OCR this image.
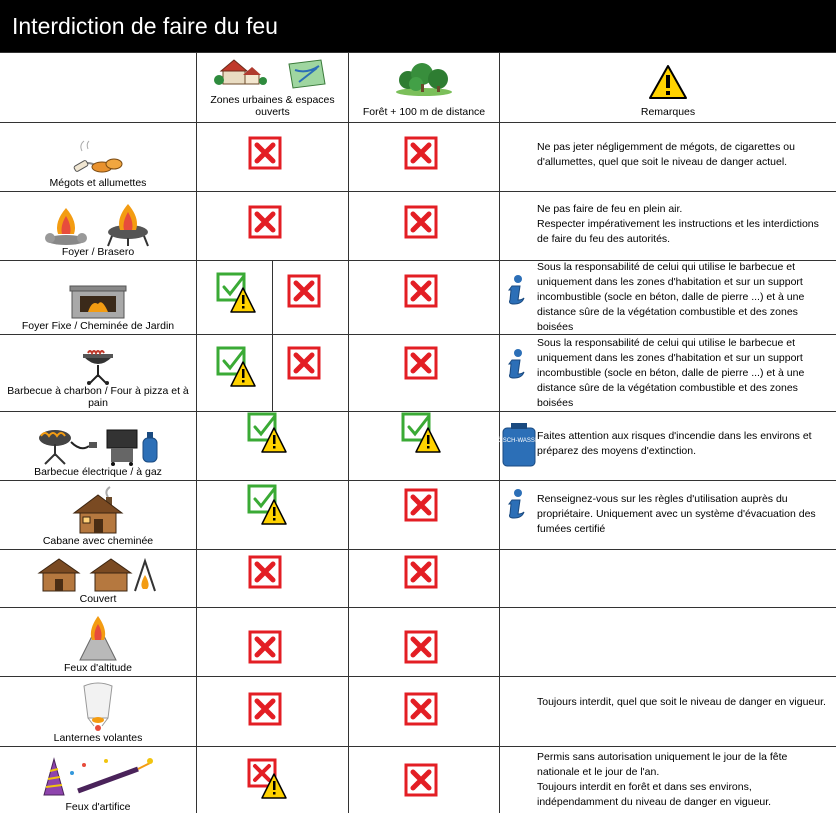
Interdiction de faire du feu
Zones urbaines & espaces ouverts	Forêt + 100 m de distance	Remarques
Mégots et allumettes
Foyer / Brasero
Foyer Fixe / Cheminée de Jardin
Barbecue à charbon / Four à pizza et à pain
Barbecue électrique / à gaz
Cabane avec cheminée
Couvert
Feux d'altitude
Lanternes volantes
Feux d'artifice
LÖSCH-WASSER
Ne pas jeter négligemment de mégots, de cigarettes ou d'allumettes, quel que soit le niveau de danger actuel.
Ne pas faire de feu en plein air.
Respecter impérativement les instructions et les interdictions de faire du feu des autorités.
Sous la responsabilité de celui qui utilise le barbecue et uniquement dans les zones d'habitation et sur un support incombustible (socle en béton, dalle de pierre ...) et à une distance sûre de la végétation combustible et des zones boisées
Sous la responsabilité de celui qui utilise le barbecue et uniquement dans les zones d'habitation et sur un support incombustible (socle en béton, dalle de pierre ...) et à une distance sûre de la végétation combustible et des zones boisées
Faites attention aux risques d'incendie dans les environs et préparez des moyens d'extinction.
Renseignez-vous sur les règles d'utilisation auprès du propriétaire. Uniquement avec un système d'évacuation des fumées certifié
Toujours interdit, quel que soit le niveau de danger en vigueur.
Permis sans autorisation uniquement le jour de la fête nationale et le jour de l'an.
Toujours interdit en forêt et dans ses environs, indépendamment du niveau de danger en vigueur.
